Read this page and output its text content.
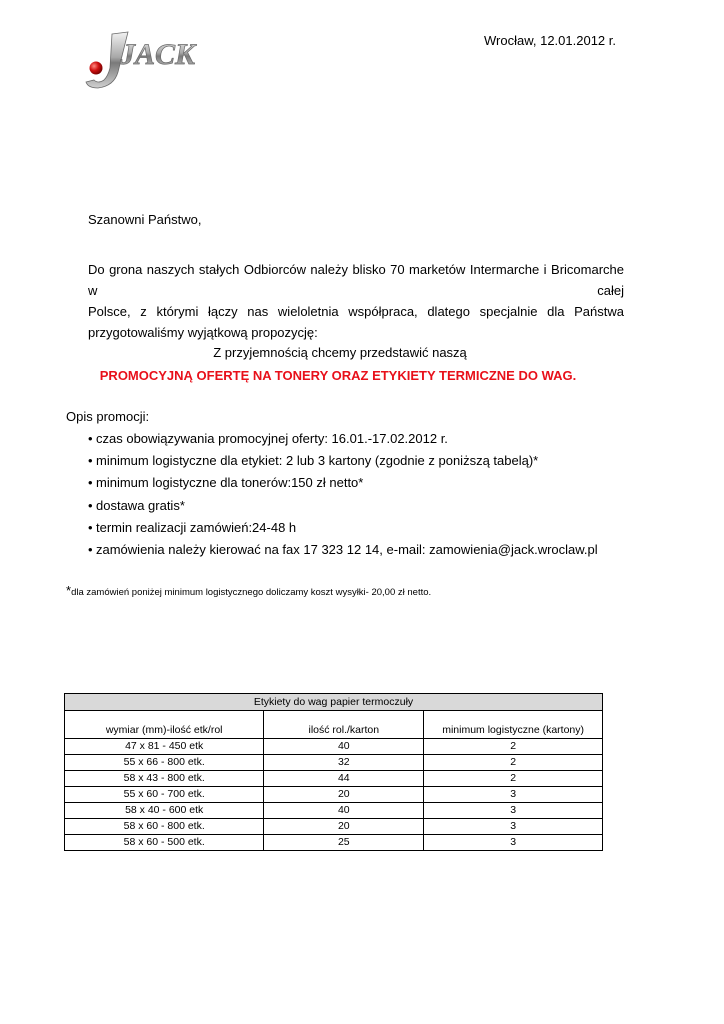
JACK	Wrocław, 12.01.2012 r.
Szanowni Państwo,

Do grona naszych stałych Odbiorców należy blisko 70 marketów Intermarche i Bricomarche w całej
Polsce, z którymi łączy nas wieloletnia współpraca, dlatego specjalnie dla Państwa
przygotowaliśmy wyjątkową propozycję:

Z przyjemnością chcemy przedstawić naszą
PROMOCYJNĄ OFERTĘ NA TONERY ORAZ ETYKIETY TERMICZNE DO WAG.
Opis promocji:
• czas obowiązywania promocyjnej oferty: 16.01.-17.02.2012 r.
• minimum logistyczne dla etykiet: 2 lub 3 kartony (zgodnie z poniższą tabelą)*
• minimum logistyczne dla tonerów:150 zł netto*
• dostawa gratis*
• termin realizacji zamówień:24-48 h
• zamówienia należy kierować na fax 17 323 12 14, e-mail: zamowienia@jack.wroclaw.pl
*dla zamówień poniżej minimum logistycznego doliczamy koszt wysyłki- 20,00 zł netto.
Etykiety do wag papier termoczuły		

wymiar (mm)-ilość etk/rol	ilość rol./karton	minimum logistyczne (kartony)
47 x 81 - 450 etk	40	2
55 x 66 - 800 etk.	32	2
58 x 43 - 800 etk.	44	2
55 x 60 - 700 etk.	20	3
58 x 40 - 600 etk	40	3
58 x 60 - 800 etk.	20	3
58 x 60 - 500 etk.	25	3
